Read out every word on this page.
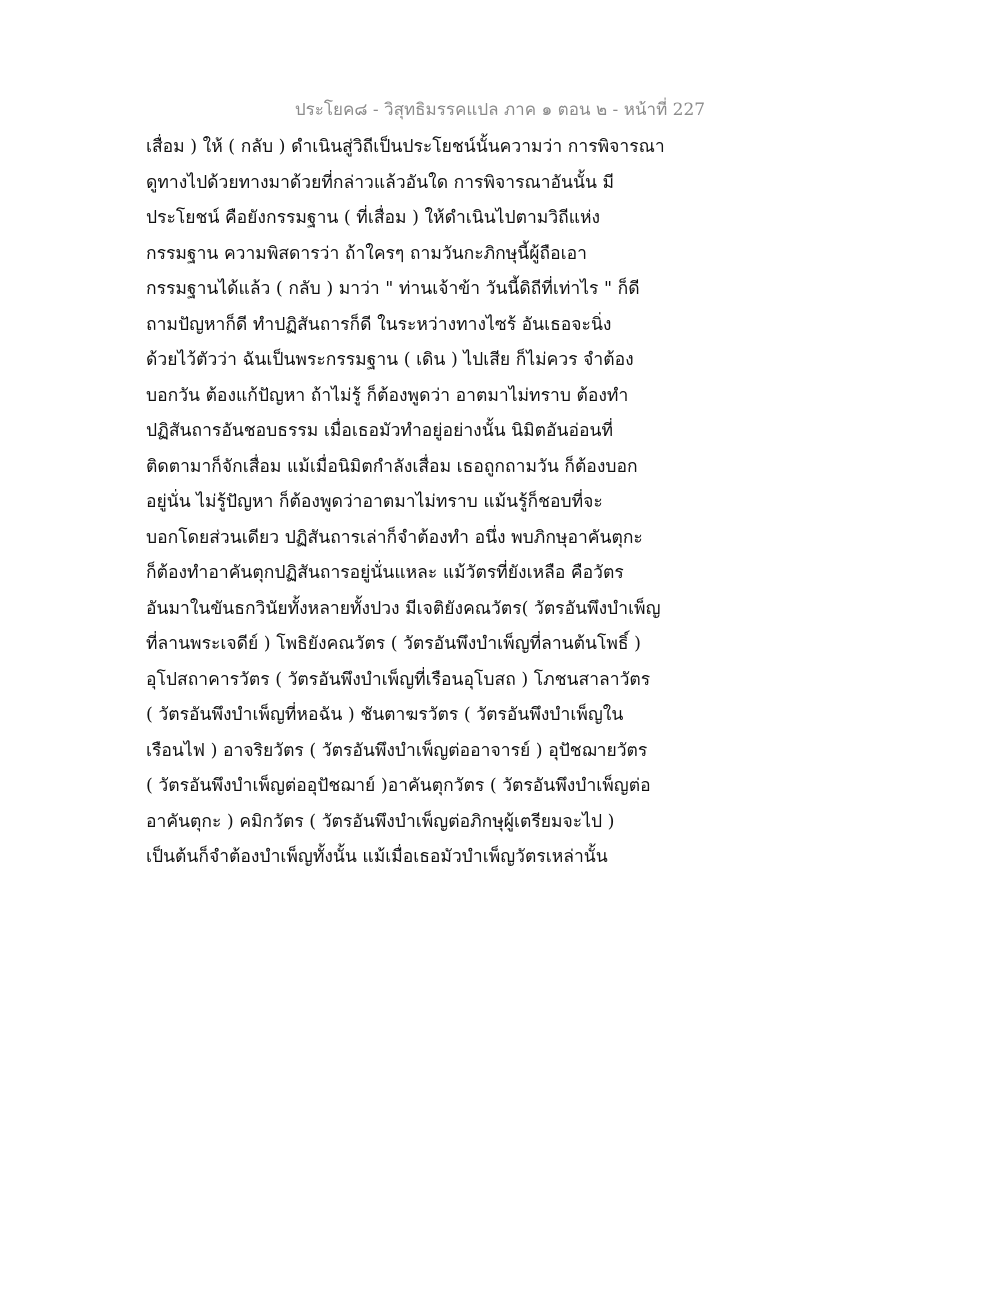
ประโยค๘ - วิสุทธิมรรคแปล ภาค ๑ ตอน ๒ - หน้าที่ 227
เสื่อม ) ให้ ( กลับ ) ดำเนินสู่วิถีเป็นประโยชน์นั้นความว่า การพิจารณา
ดูทางไปด้วยทางมาด้วยที่กล่าวแล้วอันใด การพิจารณาอันนั้น มี
ประโยชน์ คือยังกรรมฐาน ( ที่เสื่อม ) ให้ดำเนินไปตามวิถีแห่ง
กรรมฐาน ความพิสดารว่า ถ้าใครๆ ถามวันกะภิกษุนี้ผู้ถือเอา
กรรมฐานได้แล้ว ( กลับ ) มาว่า " ท่านเจ้าข้า วันนี้ดิถีที่เท่าไร " ก็ดี
ถามปัญหาก็ดี ทำปฏิสันถารก็ดี ในระหว่างทางไซร้ อันเธอจะนิ่ง
ด้วยไว้ตัวว่า ฉันเป็นพระกรรมฐาน ( เดิน ) ไปเสีย ก็ไม่ควร จำต้อง
บอกวัน ต้องแก้ปัญหา ถ้าไม่รู้ ก็ต้องพูดว่า อาตมาไม่ทราบ ต้องทำ
ปฏิสันถารอันชอบธรรม เมื่อเธอมัวทำอยู่อย่างนั้น นิมิตอันอ่อนที่
ติดตามาก็จักเสื่อม แม้เมื่อนิมิตกำลังเสื่อม เธอถูกถามวัน ก็ต้องบอก
อยู่นั่น ไม่รู้ปัญหา ก็ต้องพูดว่าอาตมาไม่ทราบ แม้นรู้ก็ชอบที่จะ
บอกโดยส่วนเดียว ปฏิสันถารเล่าก็จำต้องทำ อนึ่ง พบภิกษุอาคันตุกะ
ก็ต้องทำอาคันตุกปฏิสันถารอยู่นั่นแหละ แม้วัตรที่ยังเหลือ คือวัตร
อันมาในขันธกวินัยทั้งหลายทั้งปวง มีเจติยังคณวัตร( วัตรอันพึงบำเพ็ญ
ที่ลานพระเจดีย์ ) โพธิยังคณวัตร ( วัตรอันพึงบำเพ็ญที่ลานต้นโพธิ์ )
อุโปสถาคารวัตร ( วัตรอันพึงบำเพ็ญที่เรือนอุโบสถ ) โภชนสาลาวัตร
( วัตรอันพึงบำเพ็ญที่หอฉัน ) ชันตาฆรวัตร ( วัตรอันพึงบำเพ็ญใน
เรือนไฟ ) อาจริยวัตร ( วัตรอันพึงบำเพ็ญต่ออาจารย์ ) อุปัชฌายวัตร
( วัตรอันพึงบำเพ็ญต่ออุปัชฌาย์ )อาคันตุกวัตร ( วัตรอันพึงบำเพ็ญต่อ
อาคันตุกะ ) คมิกวัตร ( วัตรอันพึงบำเพ็ญต่อภิกษุผู้เตรียมจะไป )
เป็นต้นก็จำต้องบำเพ็ญทั้งนั้น แม้เมื่อเธอมัวบำเพ็ญวัตรเหล่านั้น
